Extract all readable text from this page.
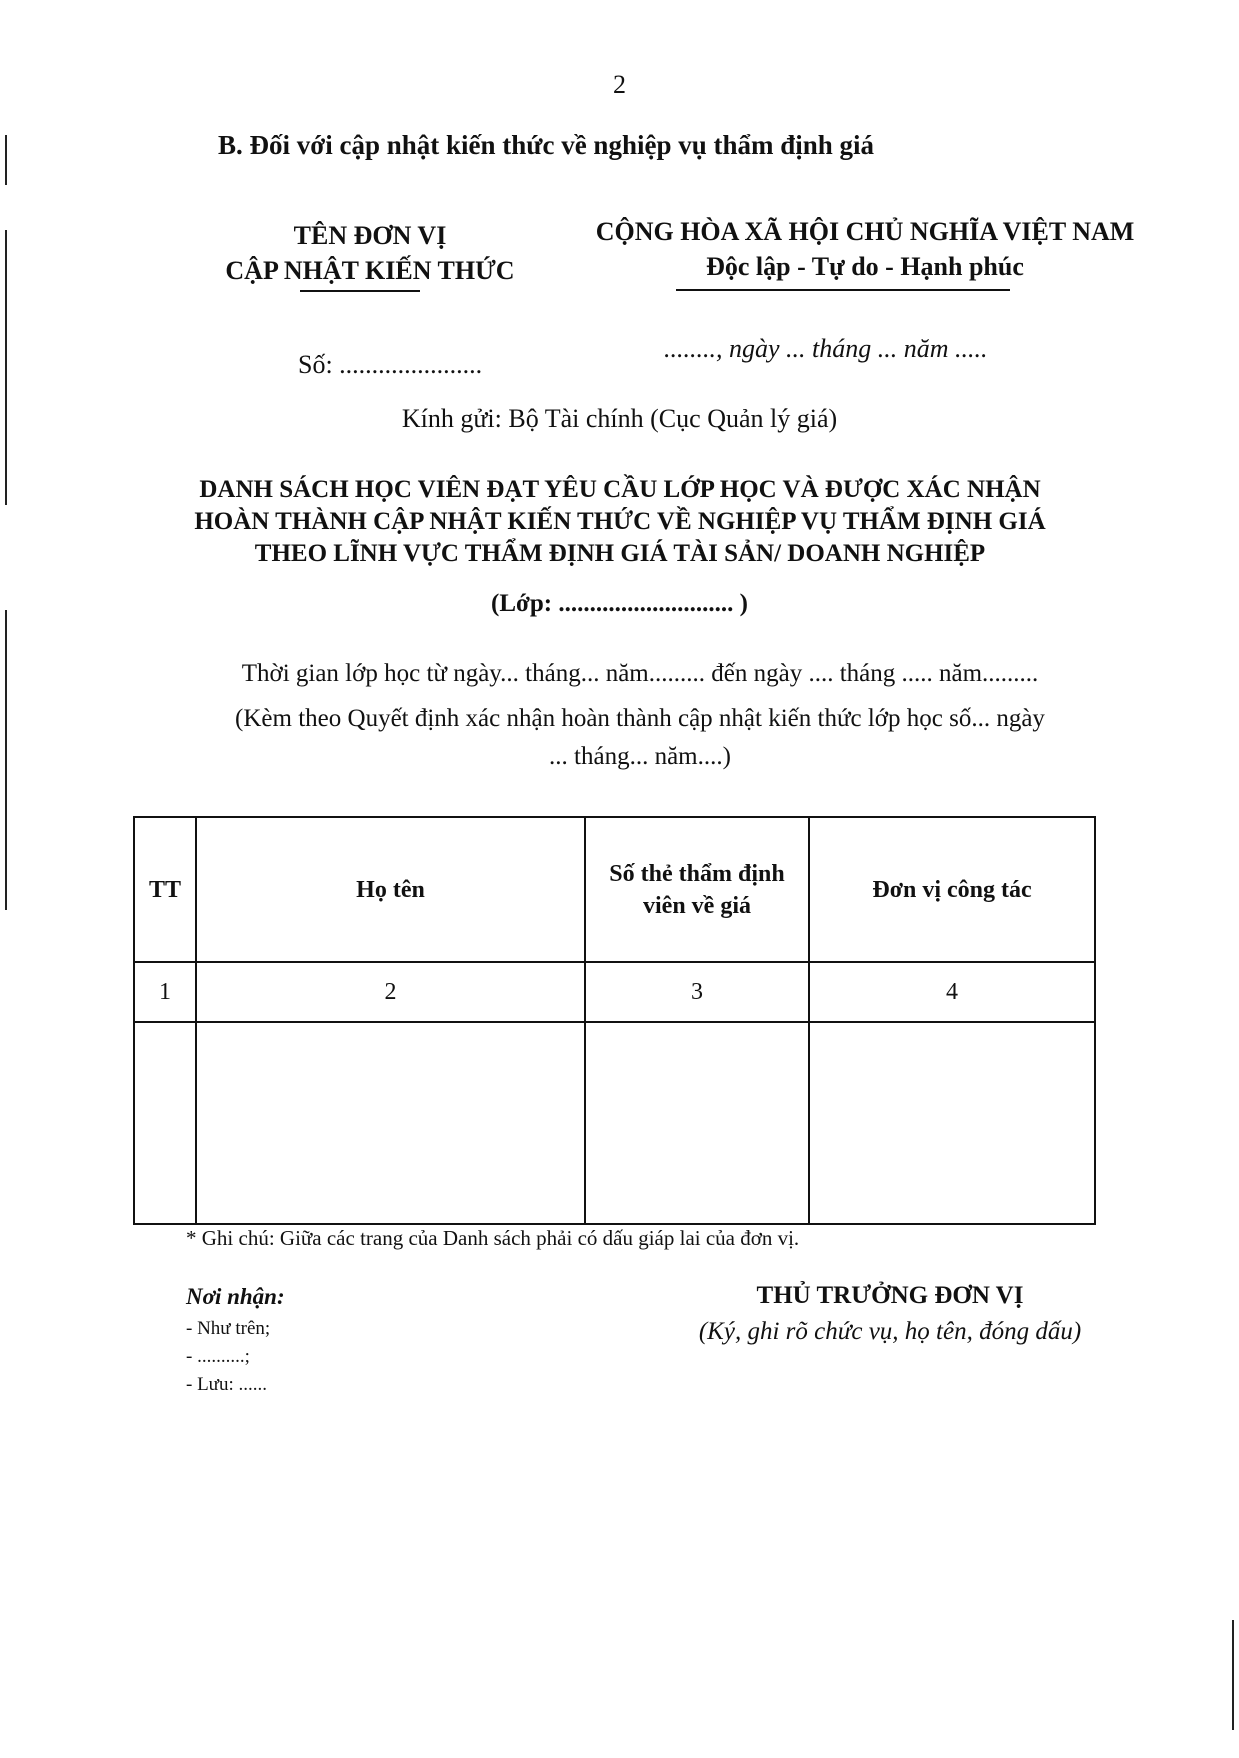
2
B. Đối với cập nhật kiến thức về nghiệp vụ thẩm định giá
TÊN ĐƠN VỊ
CẬP NHẬT KIẾN THỨC
CỘNG HÒA XÃ HỘI CHỦ NGHĨA VIỆT NAM
Độc lập - Tự do - Hạnh phúc
Số: ......................
........, ngày ... tháng ... năm .....
Kính gửi: Bộ Tài chính (Cục Quản lý giá)
DANH SÁCH HỌC VIÊN ĐẠT YÊU CẦU LỚP HỌC VÀ ĐƯỢC XÁC NHẬN
HOÀN THÀNH CẬP NHẬT KIẾN THỨC VỀ NGHIỆP VỤ THẨM ĐỊNH GIÁ
THEO LĨNH VỰC THẨM ĐỊNH GIÁ TÀI SẢN/ DOANH NGHIỆP
(Lớp: ............................ )
Thời gian lớp học từ ngày... tháng... năm......... đến ngày .... tháng ..... năm.........
(Kèm theo Quyết định xác nhận hoàn thành cập nhật kiến thức lớp học số... ngày
... tháng... năm....)
TT	Họ tên	Số thẻ thẩm định
viên về giá	Đơn vị công tác
1	2	3	4

* Ghi chú: Giữa các trang của Danh sách phải có dấu giáp lai của đơn vị.
Nơi nhận:
- Như trên;
- ..........;
- Lưu: ......
THỦ TRƯỞNG ĐƠN VỊ
(Ký, ghi rõ chức vụ, họ tên, đóng dấu)
